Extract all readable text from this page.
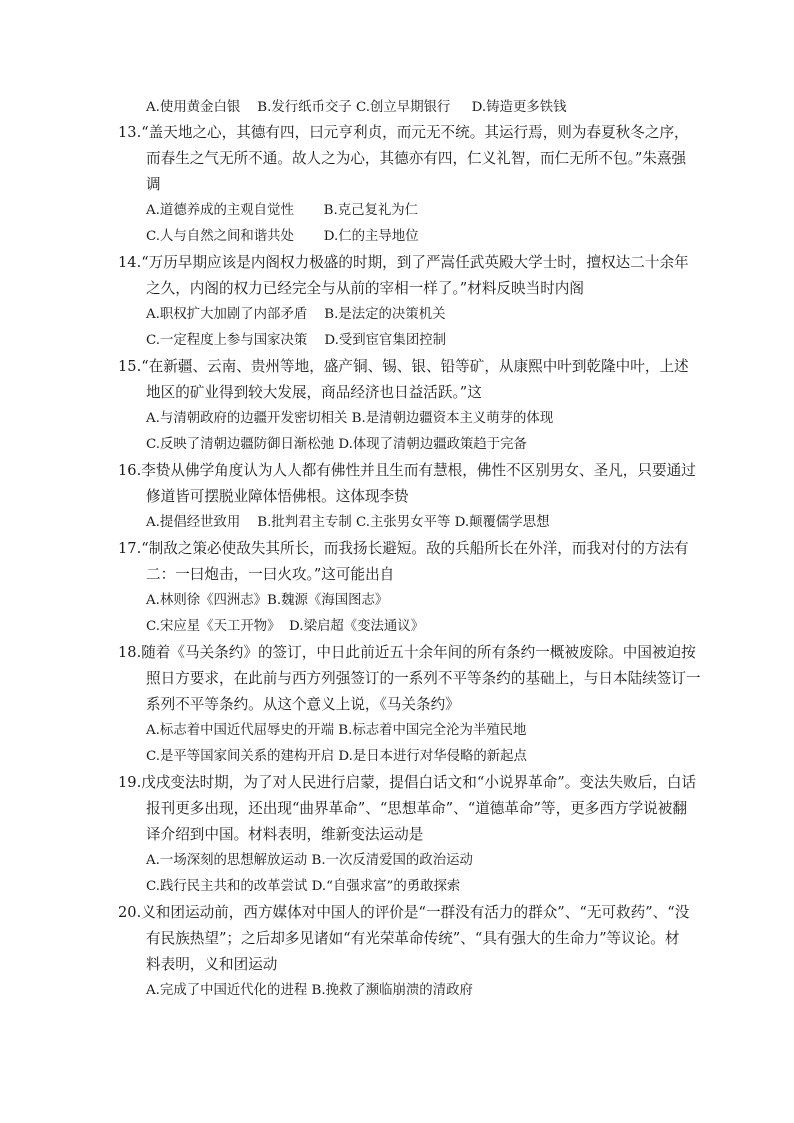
A.使用黄金白银    B.发行纸币交子 C.创立早期银行     D.铸造更多铁钱
13.“盖天地之心，其德有四，曰元亨利贞，而元无不统。其运行焉，则为春夏秋冬之序，
而春生之气无所不通。故人之为心，其德亦有四，仁义礼智，而仁无所不包。”朱熹强
调
A.道德养成的主观自觉性       B.克己复礼为仁
C.人与自然之间和谐共处       D.仁的主导地位
14.“万历早期应该是内阁权力极盛的时期，到了严嵩任武英殿大学士时，擅权达二十余年
之久，内阁的权力已经完全与从前的宰相一样了。”材料反映当时内阁
A.职权扩大加剧了内部矛盾    B.是法定的决策机关
C.一定程度上参与国家决策    D.受到宦官集团控制
15.“在新疆、云南、贵州等地，盛产铜、锡、银、铅等矿，从康熙中叶到乾隆中叶，上述
地区的矿业得到较大发展，商品经济也日益活跃。”这
A.与清朝政府的边疆开发密切相关 B.是清朝边疆资本主义萌芽的体现
C.反映了清朝边疆防御日渐松弛 D.体现了清朝边疆政策趋于完备
16.李贽从佛学角度认为人人都有佛性并且生而有慧根，佛性不区别男女、圣凡，只要通过
修道皆可摆脱业障体悟佛根。这体现李贽
A.提倡经世致用    B.批判君主专制 C.主张男女平等 D.颠覆儒学思想
17.“制敌之策必使敌失其所长，而我扬长避短。敌的兵船所长在外洋，而我对付的方法有
二：一曰炮击，一曰火攻。”这可能出自
A.林则徐《四洲志》B.魏源《海国图志》
C.宋应星《天工开物》  D.梁启超《变法通议》
18.随着《马关条约》的签订，中日此前近五十余年间的所有条约一概被废除。中国被迫按
照日方要求，在此前与西方列强签订的一系列不平等条约的基础上，与日本陆续签订一
系列不平等条约。从这个意义上说，《马关条约》
A.标志着中国近代屈辱史的开端 B.标志着中国完全沦为半殖民地
C.是平等国家间关系的建构开启 D.是日本进行对华侵略的新起点
19.戊戌变法时期，为了对人民进行启蒙，提倡白话文和“小说界革命”。变法失败后，白话
报刊更多出现，还出现“曲界革命”、“思想革命”、“道德革命”等，更多西方学说被翻
译介绍到中国。材料表明，维新变法运动是
A.一场深刻的思想解放运动 B.一次反清爱国的政治运动
C.践行民主共和的改革尝试 D.“自强求富”的勇敢探索
20.义和团运动前，西方媒体对中国人的评价是“一群没有活力的群众”、“无可救药”、“没
有民族热望”；之后却多见诸如“有光荣革命传统”、“具有强大的生命力”等议论。材
料表明，义和团运动
A.完成了中国近代化的进程 B.挽救了濒临崩溃的清政府
